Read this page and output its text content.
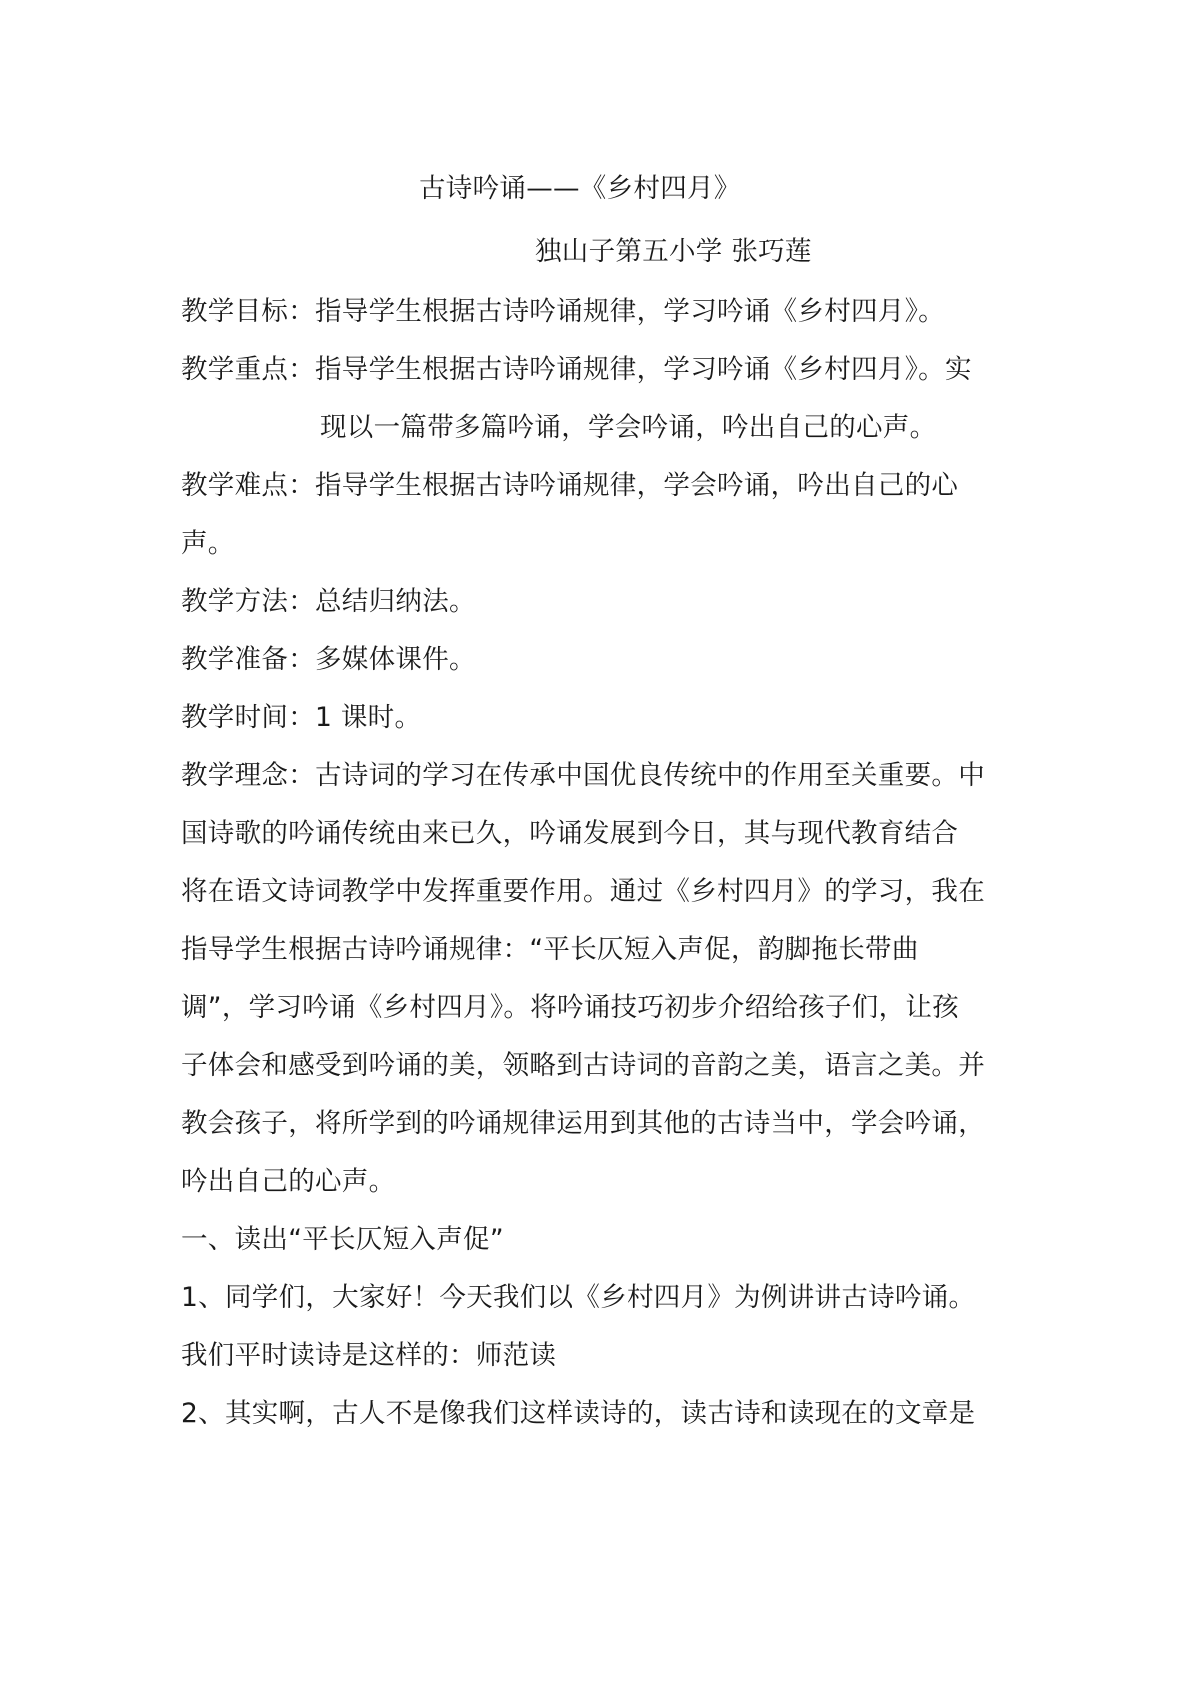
古诗吟诵——《乡村四月》
独山子第五小学 张巧莲
教学目标：指导学生根据古诗吟诵规律，学习吟诵《乡村四月》。
教学重点：指导学生根据古诗吟诵规律，学习吟诵《乡村四月》。实
现以一篇带多篇吟诵，学会吟诵，吟出自己的心声。
教学难点：指导学生根据古诗吟诵规律，学会吟诵，吟出自己的心
声。
教学方法：总结归纳法。
教学准备：多媒体课件。
教学时间：1 课时。
教学理念：古诗词的学习在传承中国优良传统中的作用至关重要。中
国诗歌的吟诵传统由来已久，吟诵发展到今日，其与现代教育结合
将在语文诗词教学中发挥重要作用。通过《乡村四月》的学习，我在
指导学生根据古诗吟诵规律：“平长仄短入声促，韵脚拖长带曲
调”，学习吟诵《乡村四月》。将吟诵技巧初步介绍给孩子们，让孩
子体会和感受到吟诵的美，领略到古诗词的音韵之美，语言之美。并
教会孩子，将所学到的吟诵规律运用到其他的古诗当中，学会吟诵，
吟出自己的心声。
一、读出“平长仄短入声促”
1、同学们，大家好！今天我们以《乡村四月》为例讲讲古诗吟诵。
我们平时读诗是这样的：师范读
2、其实啊，古人不是像我们这样读诗的，读古诗和读现在的文章是
